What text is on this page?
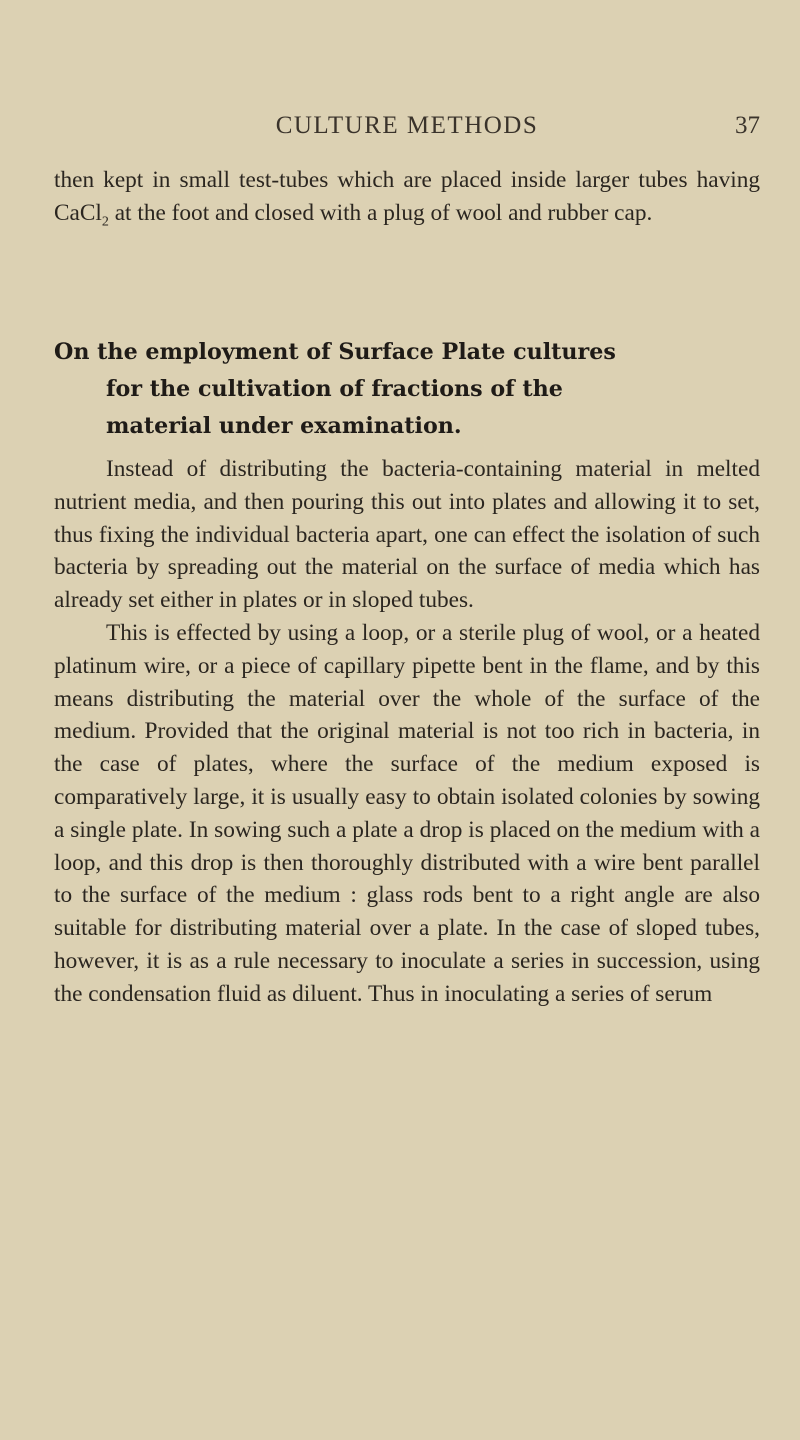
CULTURE METHODS	37

then kept in small test-tubes which are placed inside larger tubes having CaCl$_2$ at the foot and closed with a plug of wool and rubber cap.

On the employment of Surface Plate cultures
for the cultivation of fractions of the
material under examination.
Instead of distributing the bacteria-containing material in melted nutrient media, and then pouring this out into plates and allowing it to set, thus fixing the individual bacteria apart, one can effect the isolation of such bacteria by spreading out the material on the surface of media which has already set either in plates or in sloped tubes.
This is effected by using a loop, or a sterile plug of wool, or a heated platinum wire, or a piece of capillary pipette bent in the flame, and by this means distributing the material over the whole of the surface of the medium. Provided that the original material is not too rich in bacteria, in the case of plates, where the surface of the medium exposed is comparatively large, it is usually easy to obtain isolated colonies by sowing a single plate. In sowing such a plate a drop is placed on the medium with a loop, and this drop is then thoroughly distributed with a wire bent parallel to the surface of the medium : glass rods bent to a right angle are also suitable for distributing material over a plate. In the case of sloped tubes, however, it is as a rule necessary to inoculate a series in succession, using the condensation fluid as diluent. Thus in inoculating a series of serum
